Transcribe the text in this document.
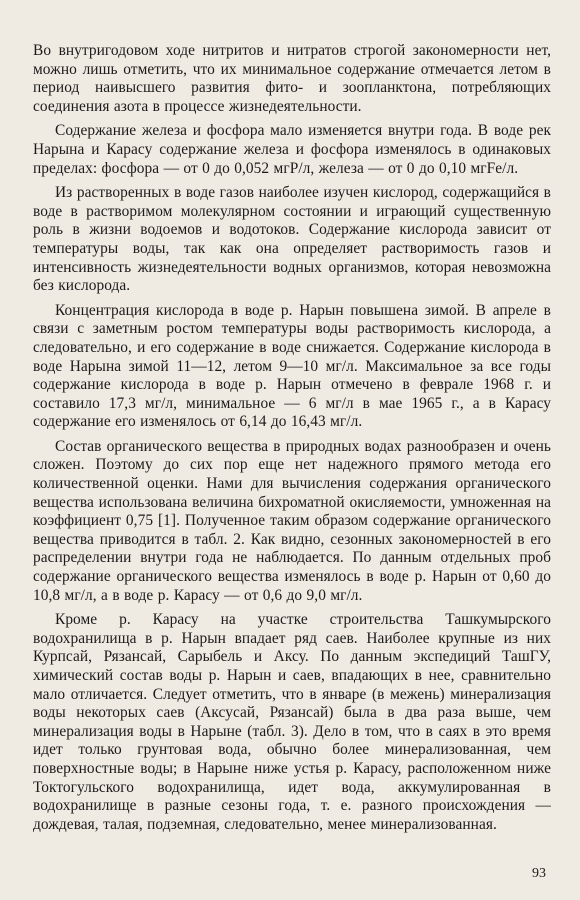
Во внутригодовом ходе нитритов и нитратов строгой закономерности нет, можно лишь отметить, что их минимальное содержание отмечается летом в период наивысшего развития фито- и зоопланктона, потребляющих соединения азота в процессе жизнедеятельности.

Содержание железа и фосфора мало изменяется внутри года. В воде рек Нарына и Карасу содержание железа и фосфора изменялось в одинаковых пределах: фосфора — от 0 до 0,052 мгР/л, железа — от 0 до 0,10 мгFe/л.

Из растворенных в воде газов наиболее изучен кислород, содержащийся в воде в растворимом молекулярном состоянии и играющий существенную роль в жизни водоемов и водотоков. Содержание кислорода зависит от температуры воды, так как она определяет растворимость газов и интенсивность жизнедеятельности водных организмов, которая невозможна без кислорода.

Концентрация кислорода в воде р. Нарын повышена зимой. В апреле в связи с заметным ростом температуры воды растворимость кислорода, а следовательно, и его содержание в воде снижается. Содержание кислорода в воде Нарына зимой 11—12, летом 9—10 мг/л. Максимальное за все годы содержание кислорода в воде р. Нарын отмечено в феврале 1968 г. и составило 17,3 мг/л, минимальное — 6 мг/л в мае 1965 г., а в Карасу содержание его изменялось от 6,14 до 16,43 мг/л.

Состав органического вещества в природных водах разнообразен и очень сложен. Поэтому до сих пор еще нет надежного прямого метода его количественной оценки. Нами для вычисления содержания органического вещества использована величина бихроматной окисляемости, умноженная на коэффициент 0,75 [1]. Полученное таким образом содержание органического вещества приводится в табл. 2. Как видно, сезонных закономерностей в его распределении внутри года не наблюдается. По данным отдельных проб содержание органического вещества изменялось в воде р. Нарын от 0,60 до 10,8 мг/л, а в воде р. Карасу — от 0,6 до 9,0 мг/л.

Кроме р. Карасу на участке строительства Ташкумырского водохранилища в р. Нарын впадает ряд саев. Наиболее крупные из них Курпсай, Рязансай, Сарыбель и Аксу. По данным экспедиций ТашГУ, химический состав воды р. Нарын и саев, впадающих в нее, сравнительно мало отличается. Следует отметить, что в январе (в межень) минерализация воды некоторых саев (Аксусай, Рязансай) была в два раза выше, чем минерализация воды в Нарыне (табл. 3). Дело в том, что в саях в это время идет только грунтовая вода, обычно более минерализованная, чем поверхностные воды; в Нарыне ниже устья р. Карасу, расположенном ниже Токтогульского водохранилища, идет вода, аккумулированная в водохранилище в разные сезоны года, т. е. разного происхождения — дождевая, талая, подземная, следовательно, менее минерализованная.

93
